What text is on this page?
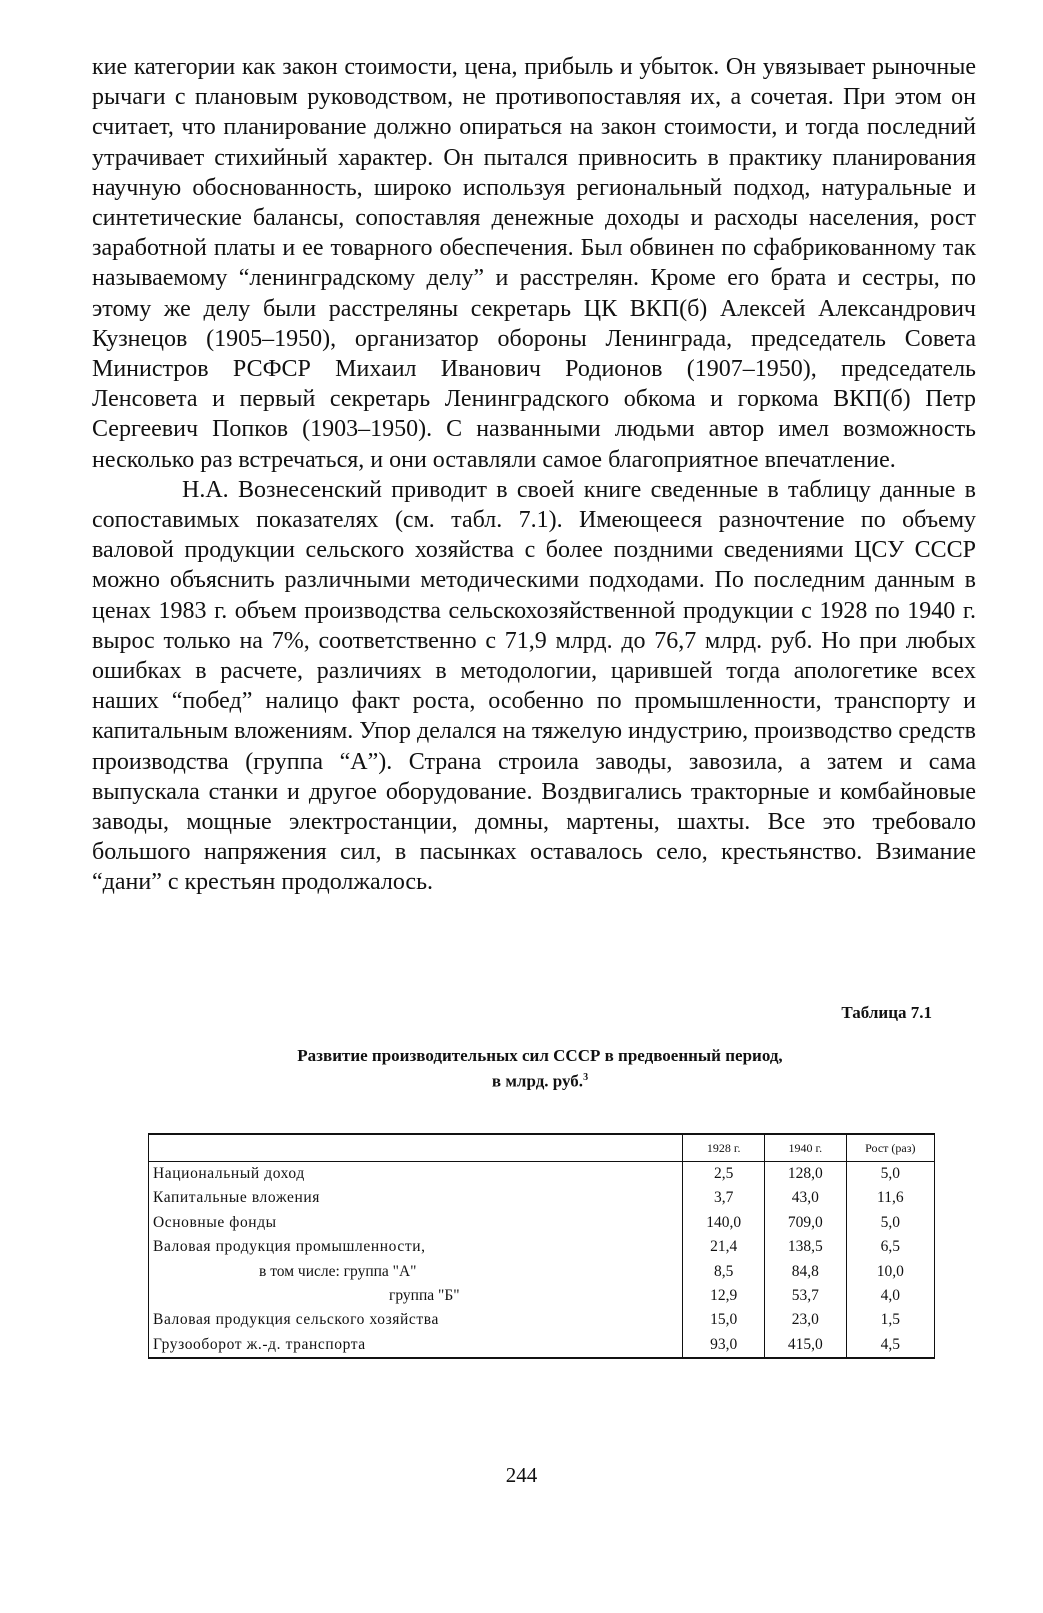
кие категории как закон стоимости, цена, прибыль и убыток. Он увязывает рыночные рычаги с плановым руководством, не противопоставляя их, а сочетая. При этом он считает, что планирование должно опираться на закон стоимости, и тогда последний утрачивает стихийный характер. Он пытался привносить в практику планирования научную обоснованность, широко используя региональный подход, натуральные и синтетические балансы, сопоставляя денежные доходы и расходы населения, рост заработной платы и ее товарного обеспечения. Был обвинен по сфабрикованному так называемому “ленинградскому делу” и расстрелян. Кроме его брата и сестры, по этому же делу были расстреляны секретарь ЦК ВКП(б) Алексей Александрович Кузнецов (1905–1950), организатор обороны Ленинграда, председатель Совета Министров РСФСР Михаил Иванович Родионов (1907–1950), председатель Ленсовета и первый секретарь Ленинградского обкома и горкома ВКП(б) Петр Сергеевич Попков (1903–1950). С названными людьми автор имел возможность несколько раз встречаться, и они оставляли самое благоприятное впечатление.

Н.А. Вознесенский приводит в своей книге сведенные в таблицу данные в сопоставимых показателях (см. табл. 7.1). Имеющееся разночтение по объему валовой продукции сельского хозяйства с более поздними сведениями ЦСУ СССР можно объяснить различными методическими подходами. По последним данным в ценах 1983 г. объем производства сельскохозяйственной продукции с 1928 по 1940 г. вырос только на 7%, соответственно с 71,9 млрд. до 76,7 млрд. руб. Но при любых ошибках в расчете, различиях в методологии, царившей тогда апологетике всех наших “побед” налицо факт роста, особенно по промышленности, транспорту и капитальным вложениям. Упор делался на тяжелую индустрию, производство средств производства (группа “А”). Страна строила заводы, завозила, а затем и сама выпускала станки и другое оборудование. Воздвигались тракторные и комбайновые заводы, мощные электростанции, домны, мартены, шахты. Все это требовало большого напряжения сил, в пасынках оставалось село, крестьянство. Взимание “дани” с крестьян продолжалось.

Таблица 7.1
Развитие производительных сил СССР в предвоенный период,
в млрд. руб.$^3$
	1928 г.	1940 г.	Рост (раз)
Национальный доход	2,5	128,0	5,0
Капитальные вложения	3,7	43,0	11,6
Основные фонды	140,0	709,0	5,0
Валовая продукция промышленности,	21,4	138,5	6,5
в том числе: группа "А"	8,5	84,8	10,0
группа "Б"	12,9	53,7	4,0
Валовая продукция сельского хозяйства	15,0	23,0	1,5
Грузооборот ж.-д. транспорта	93,0	415,0	4,5
244
